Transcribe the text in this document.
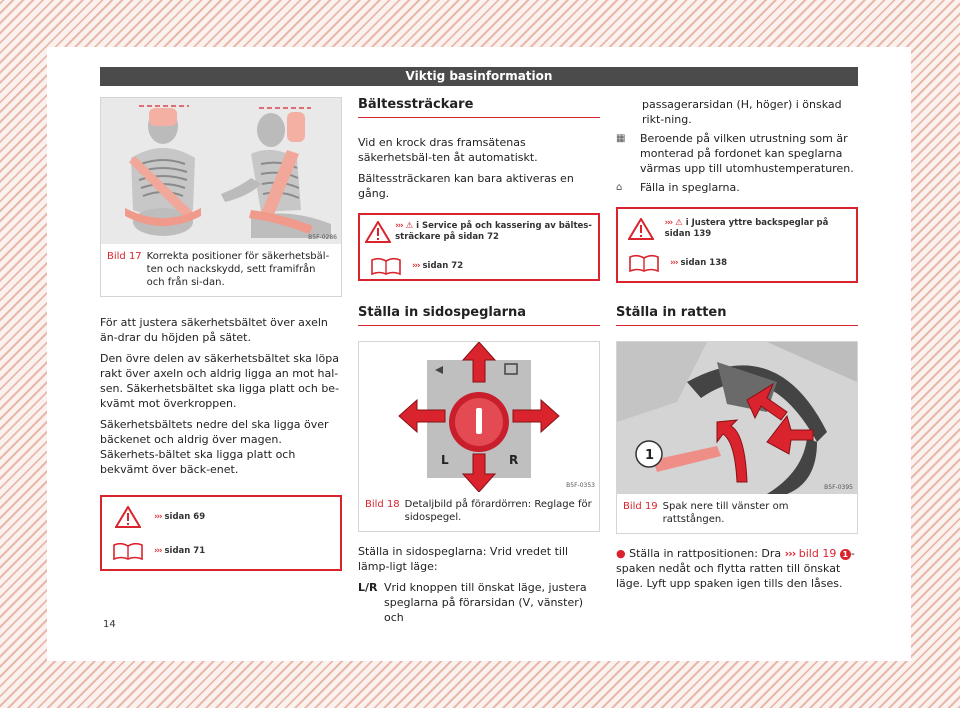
Viktig basinformation
B5F-0286
Bild 17 Korrekta positioner för säkerhetsbäl-ten och nackskydd, sett framifrån och från si-dan.

För att justera säkerhetsbältet över axeln än-drar du höjden på sätet.

Den övre delen av säkerhetsbältet ska löpa rakt över axeln och aldrig ligga an mot hal-sen. Säkerhetsbältet ska ligga platt och be-kvämt mot överkroppen.

Säkerhetsbältets nedre del ska ligga över bäckenet och aldrig över magen. Säkerhets-bältet ska ligga platt och bekvämt över bäck-enet.

››› sidan 69
››› sidan 71
Bältessträckare

Vid en krock dras framsätenas säkerhetsbäl-ten åt automatiskt.

Bältessträckaren kan bara aktiveras en gång.

››› ⚠ i Service på och kassering av bältes-sträckare på sidan 72
››› sidan 72
Ställa in sidospeglarna
L	R
B5F-0353
Bild 18 Detaljbild på förardörren: Reglage för sidospegel.

Ställa in sidospeglarna: Vrid vredet till lämp-ligt läge:

L/R Vrid knoppen till önskat läge, justera speglarna på förarsidan (V, vänster) och
passagerarsidan (H, höger) i önskad rikt-ning.
▦	Beroende på vilken utrustning som är monterad på fordonet kan speglarna värmas upp till utomhustemperaturen.
⌂	Fälla in speglarna.
››› ⚠ i Justera yttre backspeglar på sidan 139
››› sidan 138
Ställa in ratten
1
B5F-0395
Bild 19 Spak nere till vänster om rattstången.

● Ställa in rattpositionen: Dra ››› bild 19 1 -spaken nedåt och flytta ratten till önskat läge. Lyft upp spaken igen tills den låses.

14
